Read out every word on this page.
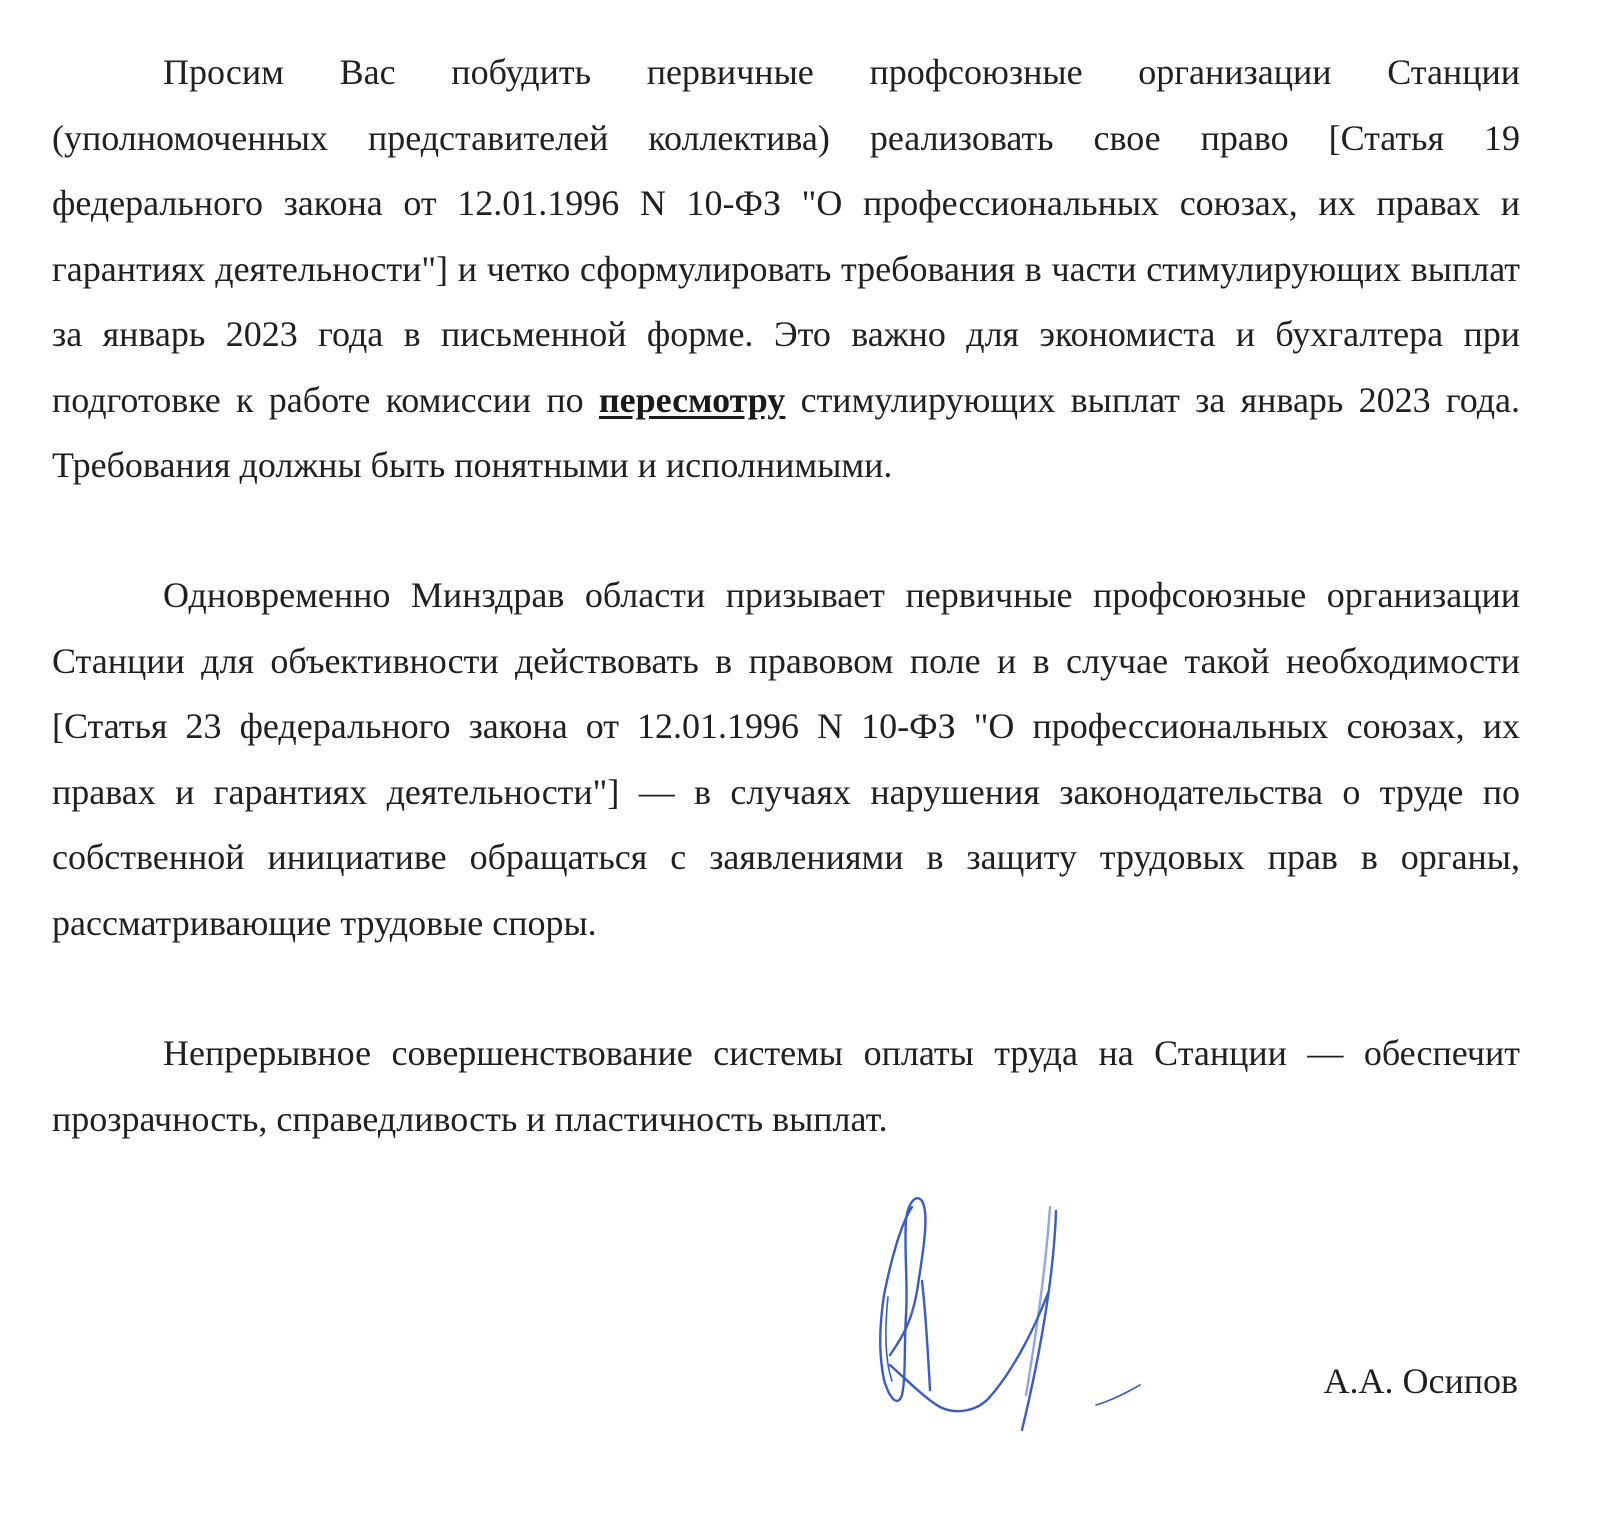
Просим Вас побудить первичные профсоюзные организации Станции (уполномоченных представителей коллектива) реализовать свое право [Статья 19 федерального закона от 12.01.1996 N 10-ФЗ "О профессиональных союзах, их правах и гарантиях деятельности"] и четко сформулировать требования в части стимулирующих выплат за январь 2023 года в письменной форме. Это важно для экономиста и бухгалтера при подготовке к работе комиссии по пересмотру стимулирующих выплат за январь 2023 года. Требования должны быть понятными и исполнимыми.

Одновременно Минздрав области призывает первичные профсоюзные организации Станции для объективности действовать в правовом поле и в случае такой необходимости [Статья 23 федерального закона от 12.01.1996 N 10-ФЗ "О профессиональных союзах, их правах и гарантиях деятельности"] — в случаях нарушения законодательства о труде по собственной инициативе обращаться с заявлениями в защиту трудовых прав в органы, рассматривающие трудовые споры.

Непрерывное совершенствование системы оплаты труда на Станции — обеспечит прозрачность, справедливость и пластичность выплат.

А.А. Осипов
